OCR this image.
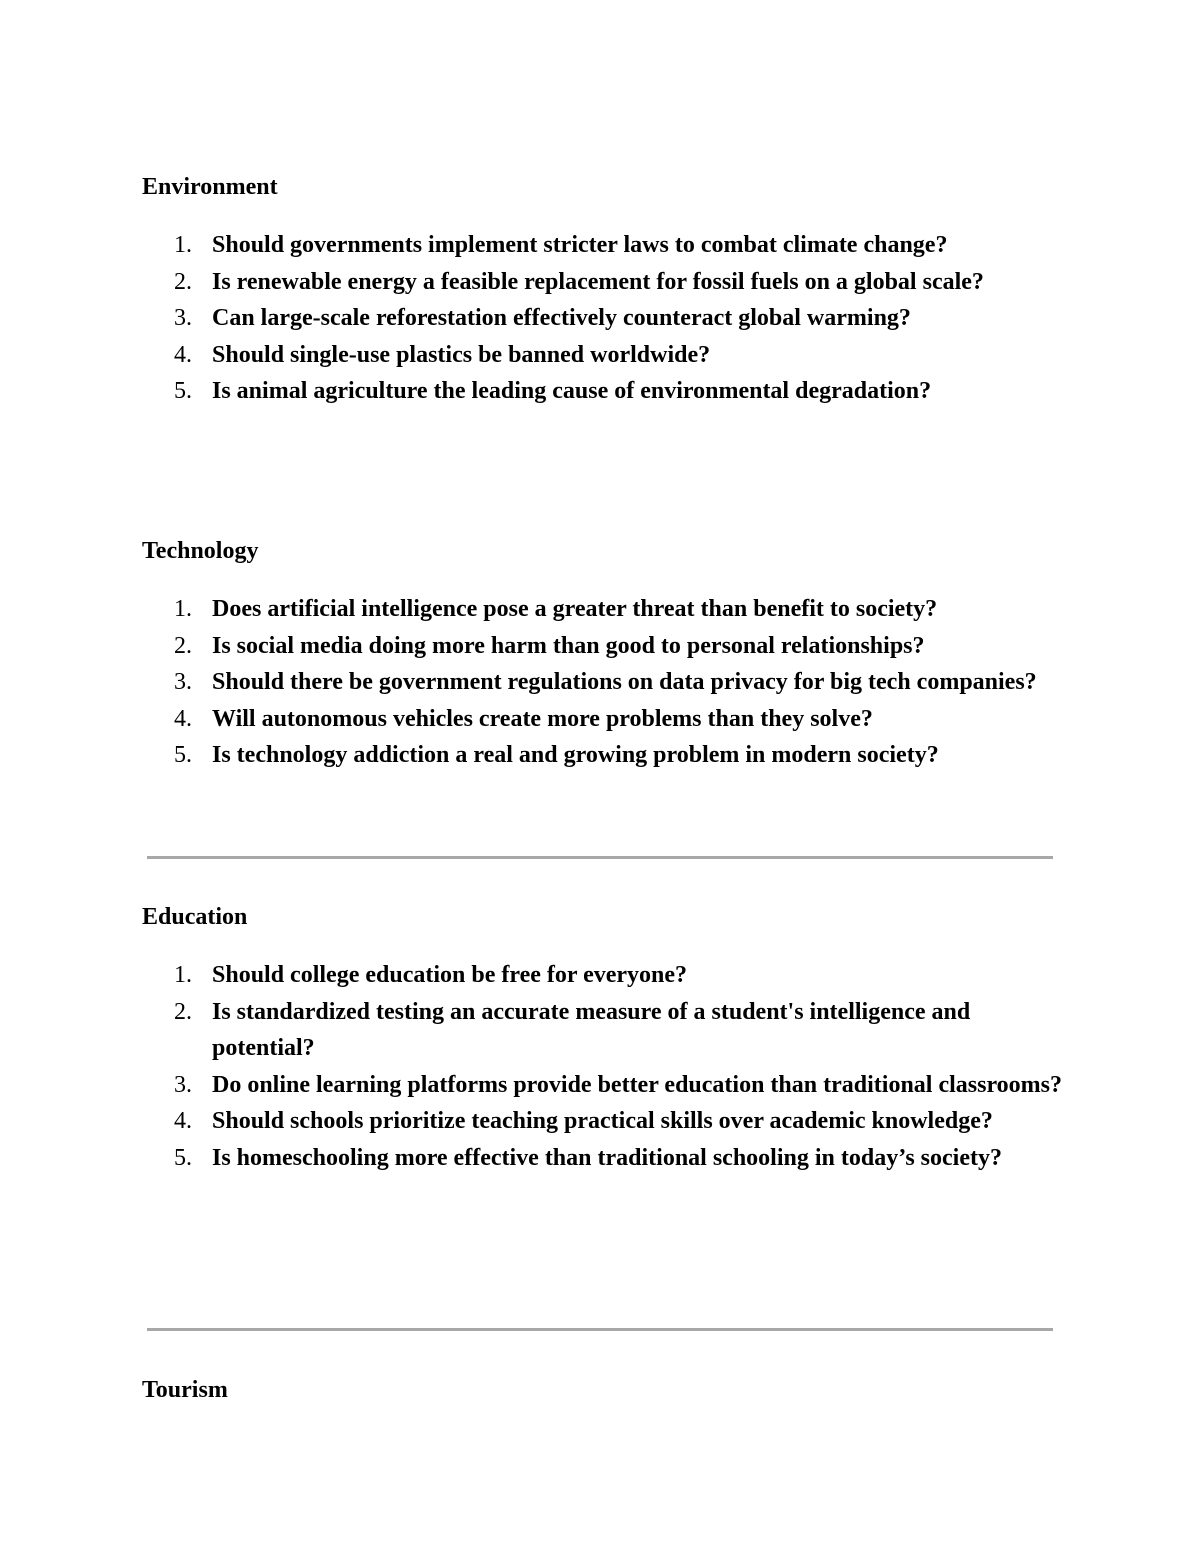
Environment
1. Should governments implement stricter laws to combat climate change?
2. Is renewable energy a feasible replacement for fossil fuels on a global scale?
3. Can large-scale reforestation effectively counteract global warming?
4. Should single-use plastics be banned worldwide?
5. Is animal agriculture the leading cause of environmental degradation?
Technology
1. Does artificial intelligence pose a greater threat than benefit to society?
2. Is social media doing more harm than good to personal relationships?
3. Should there be government regulations on data privacy for big tech companies?
4. Will autonomous vehicles create more problems than they solve?
5. Is technology addiction a real and growing problem in modern society?
Education
1. Should college education be free for everyone?
2. Is standardized testing an accurate measure of a student's intelligence and potential?
3. Do online learning platforms provide better education than traditional classrooms?
4. Should schools prioritize teaching practical skills over academic knowledge?
5. Is homeschooling more effective than traditional schooling in today’s society?
Tourism
